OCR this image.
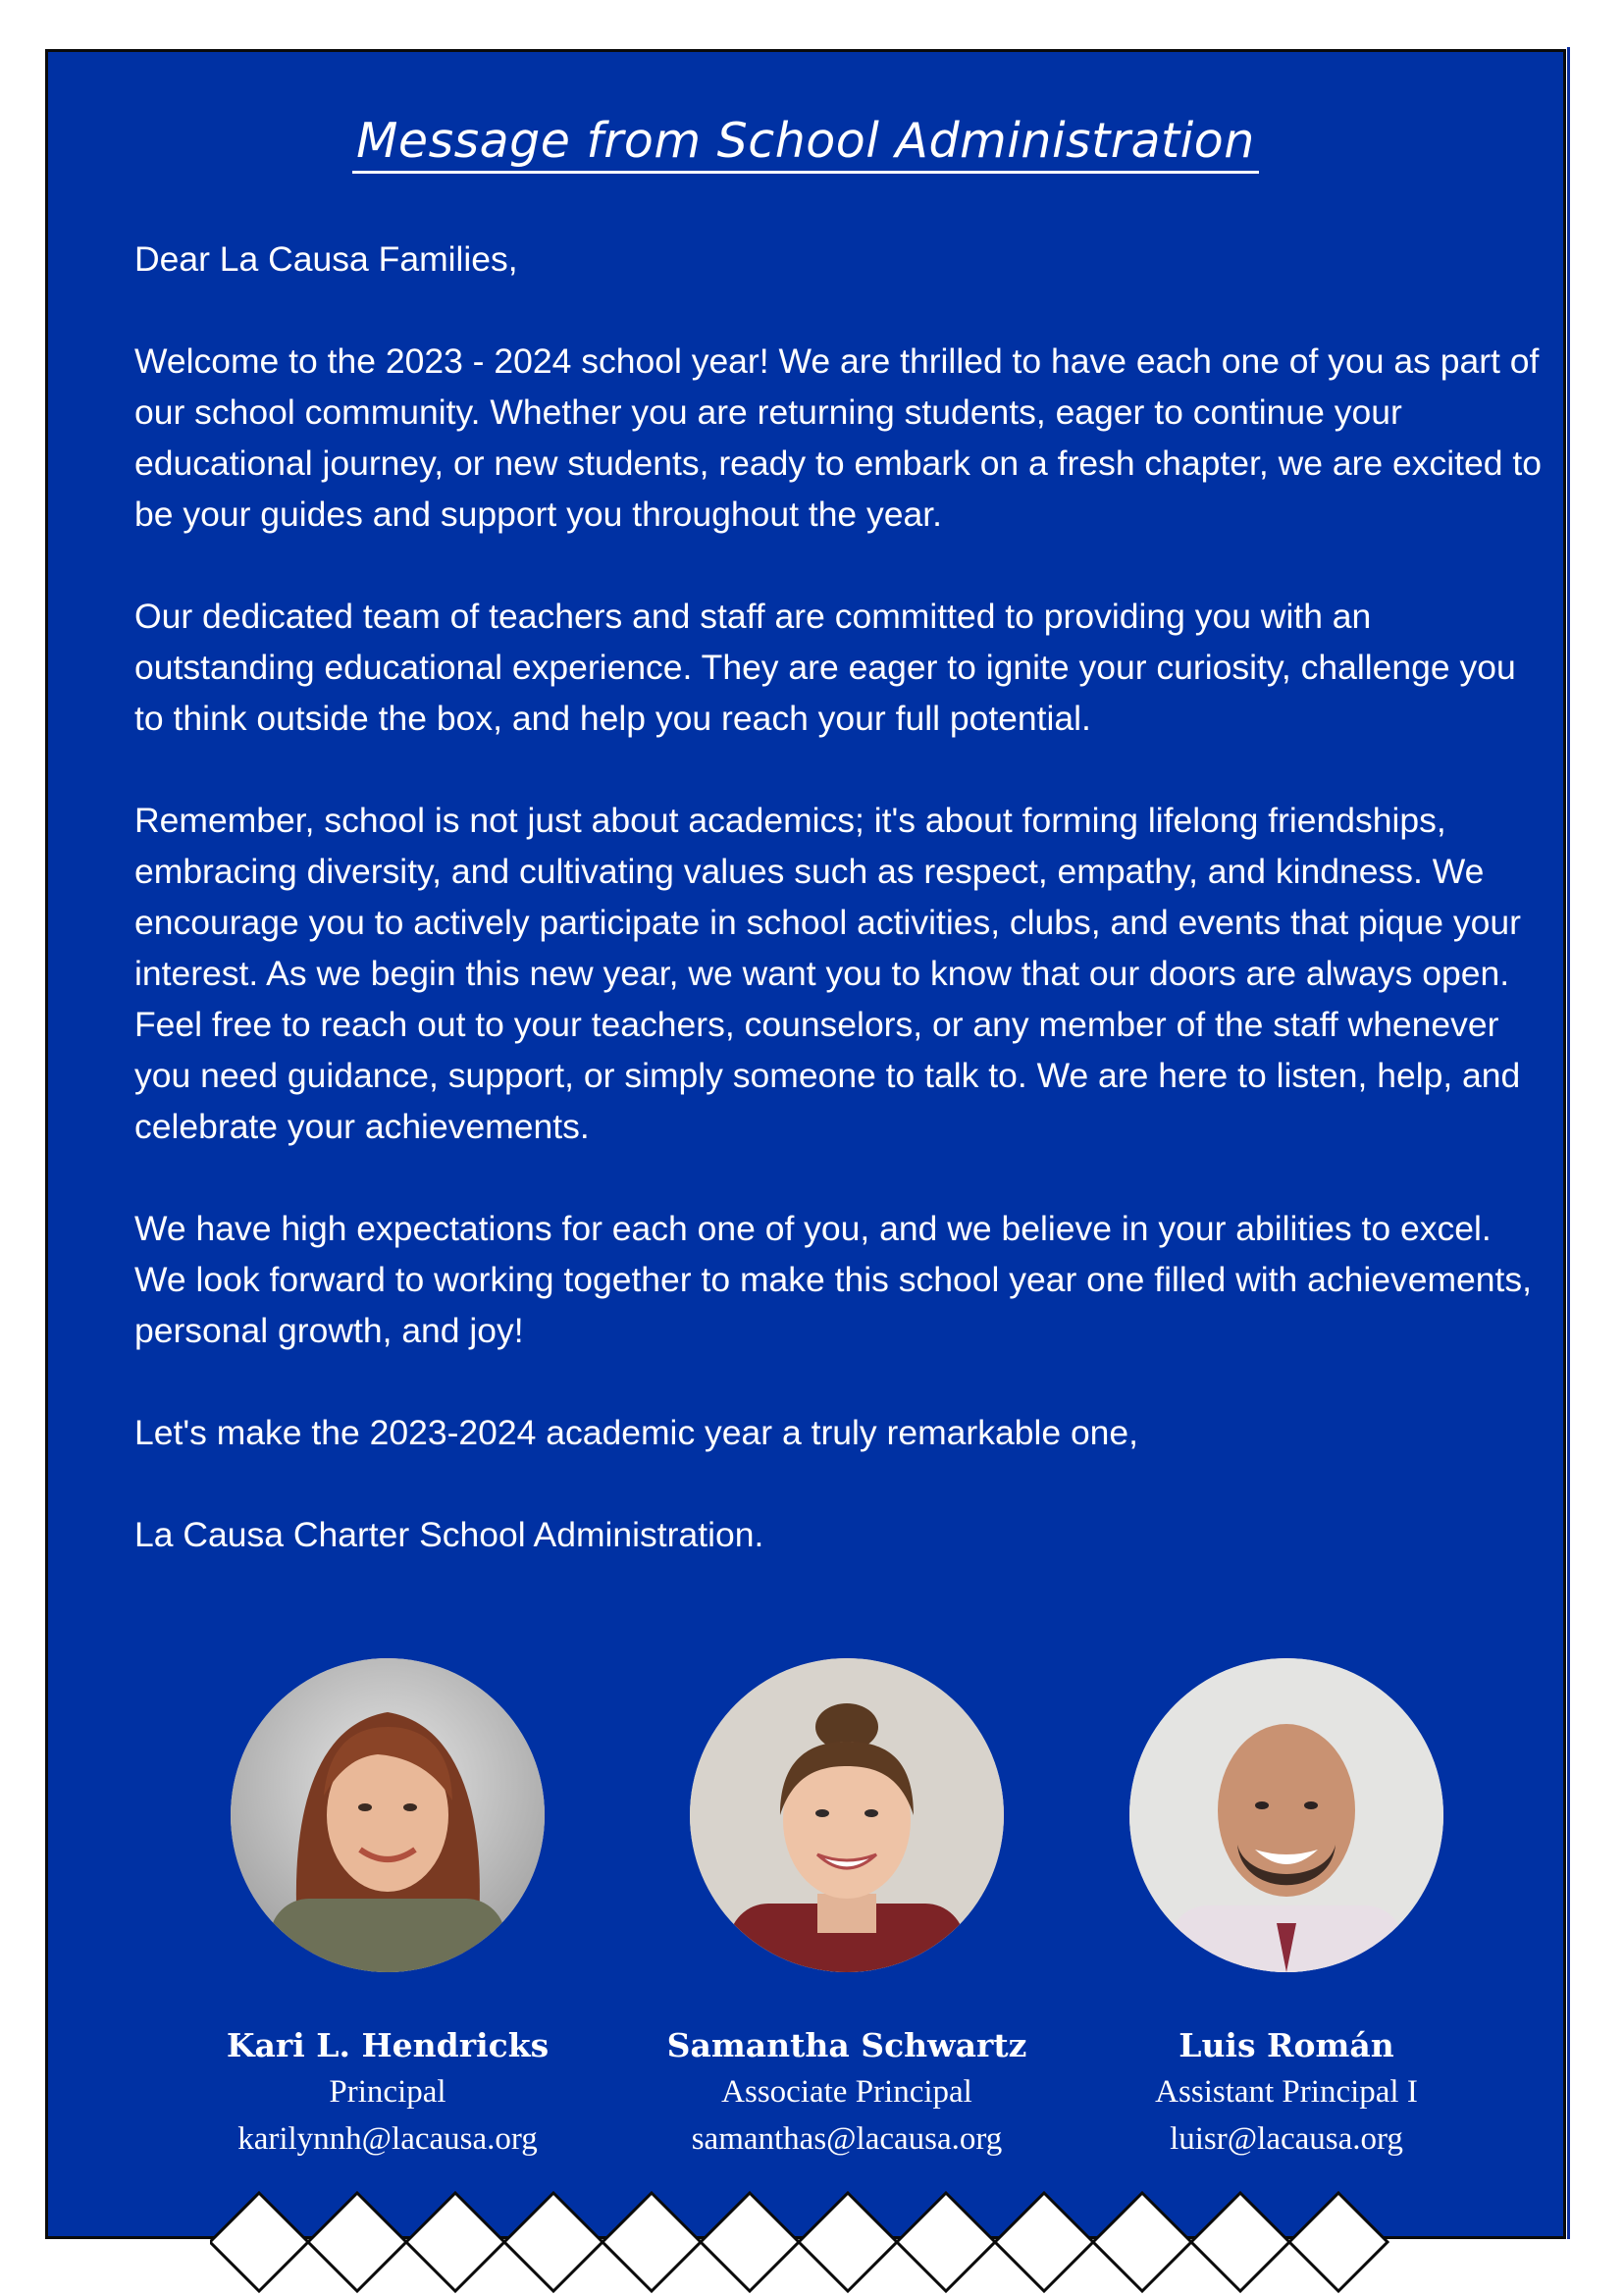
Message from School Administration

Dear La Causa Families,

Welcome to the 2023 - 2024 school year! We are thrilled to have each one of you as part of our school community. Whether you are returning students, eager to continue your educational journey, or new students, ready to embark on a fresh chapter, we are excited to be your guides and support you throughout the year.

Our dedicated team of teachers and staff are committed to providing you with an outstanding educational experience. They are eager to ignite your curiosity, challenge you to think outside the box, and help you reach your full potential.

Remember, school is not just about academics; it's about forming lifelong friendships, embracing diversity, and cultivating values such as respect, empathy, and kindness. We encourage you to actively participate in school activities, clubs, and events that pique your interest. As we begin this new year, we want you to know that our doors are always open. Feel free to reach out to your teachers, counselors, or any member of the staff whenever you need guidance, support, or simply someone to talk to. We are here to listen, help, and celebrate your achievements.

We have high expectations for each one of you, and we believe in your abilities to excel. We look forward to working together to make this school year one filled with achievements, personal growth, and joy!

Let's make the 2023-2024 academic year a truly remarkable one,

La Causa Charter School Administration.

Kari L. Hendricks
Principal
karilynnh@lacausa.org
Samantha Schwartz
Associate Principal
samanthas@lacausa.org
Luis Román
Assistant Principal I
luisr@lacausa.org
